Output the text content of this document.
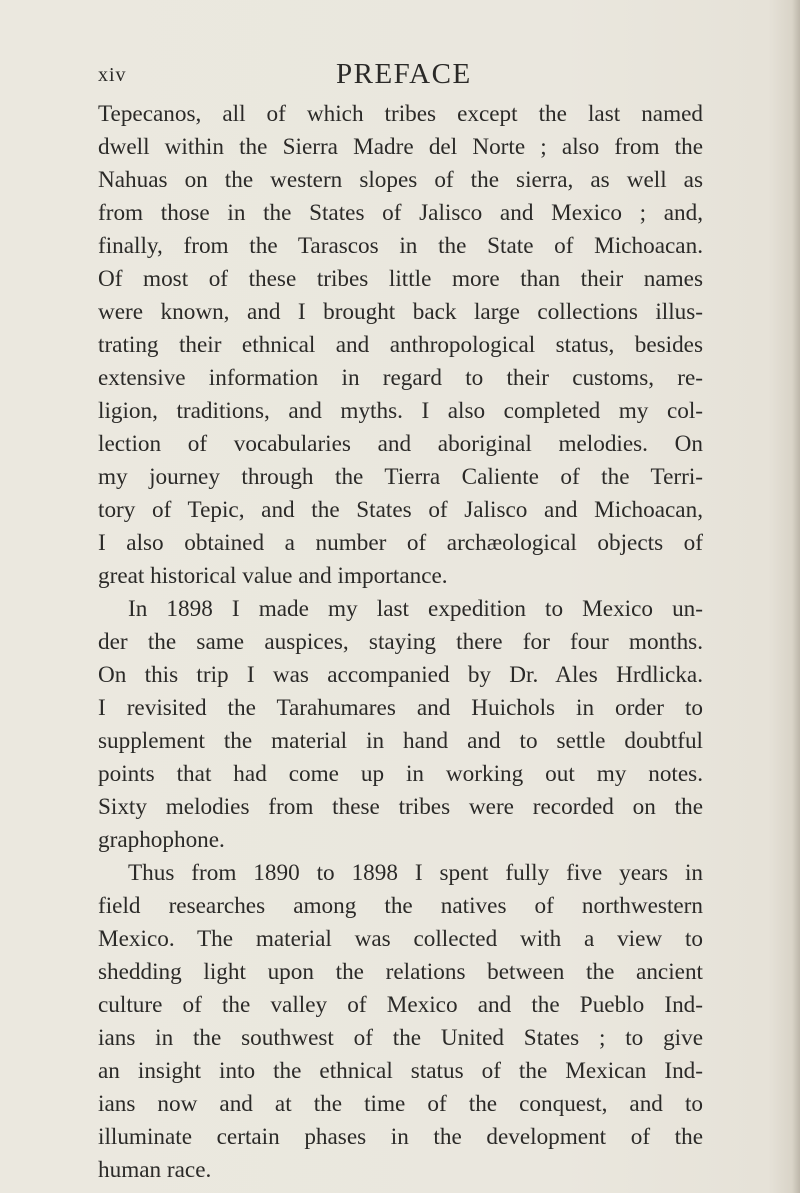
xiv	PREFACE
Tepecanos, all of which tribes except the last named
dwell within the Sierra Madre del Norte ; also from the
Nahuas on the western slopes of the sierra, as well as
from those in the States of Jalisco and Mexico ; and,
finally, from the Tarascos in the State of Michoacan.
Of most of these tribes little more than their names
were known, and I brought back large collections illus-
trating their ethnical and anthropological status, besides
extensive information in regard to their customs, re-
ligion, traditions, and myths. I also completed my col-
lection of vocabularies and aboriginal melodies. On
my journey through the Tierra Caliente of the Terri-
tory of Tepic, and the States of Jalisco and Michoacan,
I also obtained a number of archæological objects of
great historical value and importance.
In 1898 I made my last expedition to Mexico un-
der the same auspices, staying there for four months.
On this trip I was accompanied by Dr. Ales Hrdlicka.
I revisited the Tarahumares and Huichols in order to
supplement the material in hand and to settle doubtful
points that had come up in working out my notes.
Sixty melodies from these tribes were recorded on the
graphophone.
Thus from 1890 to 1898 I spent fully five years in
field researches among the natives of northwestern
Mexico. The material was collected with a view to
shedding light upon the relations between the ancient
culture of the valley of Mexico and the Pueblo Ind-
ians in the southwest of the United States ; to give
an insight into the ethnical status of the Mexican Ind-
ians now and at the time of the conquest, and to
illuminate certain phases in the development of the
human race.
